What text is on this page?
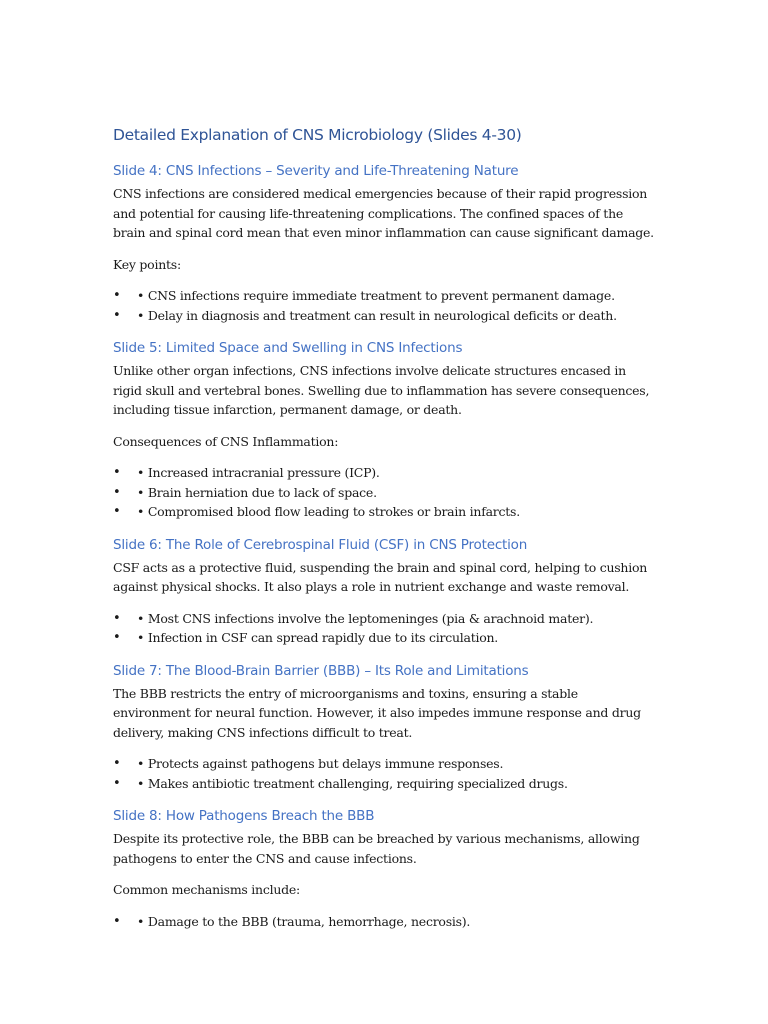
Detailed Explanation of CNS Microbiology (Slides 4-30)
Slide 4: CNS Infections – Severity and Life-Threatening Nature

CNS infections are considered medical emergencies because of their rapid progression and potential for causing life-threatening complications. The confined spaces of the brain and spinal cord mean that even minor inflammation can cause significant damage.

Key points:

• • CNS infections require immediate treatment to prevent permanent damage.
• • Delay in diagnosis and treatment can result in neurological deficits or death.
Slide 5: Limited Space and Swelling in CNS Infections

Unlike other organ infections, CNS infections involve delicate structures encased in rigid skull and vertebral bones. Swelling due to inflammation has severe consequences, including tissue infarction, permanent damage, or death.

Consequences of CNS Inflammation:

• • Increased intracranial pressure (ICP).
• • Brain herniation due to lack of space.
• • Compromised blood flow leading to strokes or brain infarcts.
Slide 6: The Role of Cerebrospinal Fluid (CSF) in CNS Protection

CSF acts as a protective fluid, suspending the brain and spinal cord, helping to cushion against physical shocks. It also plays a role in nutrient exchange and waste removal.

• • Most CNS infections involve the leptomeninges (pia & arachnoid mater).
• • Infection in CSF can spread rapidly due to its circulation.
Slide 7: The Blood-Brain Barrier (BBB) – Its Role and Limitations

The BBB restricts the entry of microorganisms and toxins, ensuring a stable environment for neural function. However, it also impedes immune response and drug delivery, making CNS infections difficult to treat.

• • Protects against pathogens but delays immune responses.
• • Makes antibiotic treatment challenging, requiring specialized drugs.
Slide 8: How Pathogens Breach the BBB

Despite its protective role, the BBB can be breached by various mechanisms, allowing pathogens to enter the CNS and cause infections.

Common mechanisms include:

• • Damage to the BBB (trauma, hemorrhage, necrosis).
